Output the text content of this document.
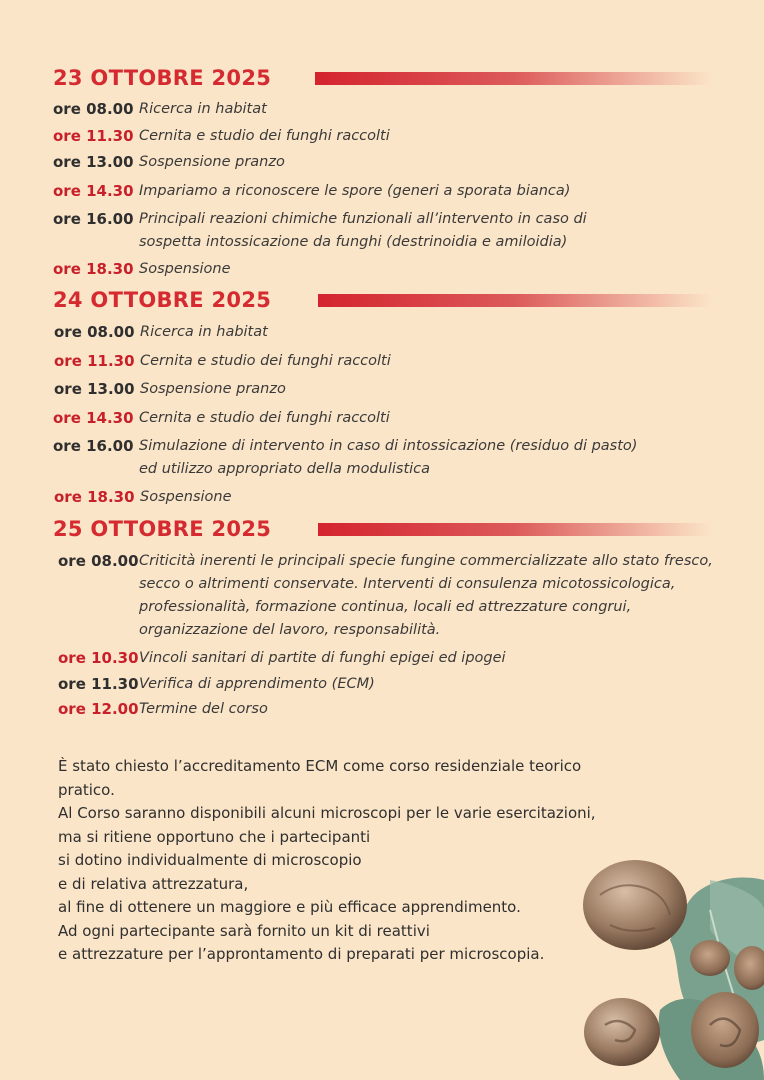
23 OTTOBRE 2025
ore 08.00 Ricerca in habitat
ore 11.30 Cernita e studio dei funghi raccolti
ore 13.00 Sospensione pranzo
ore 14.30 Impariamo a riconoscere le spore (generi a sporata bianca)
ore 16.00 Principali reazioni chimiche funzionali all’intervento in caso di
sospetta intossicazione da funghi (destrinoidia e amiloidia)
ore 18.30 Sospensione
24 OTTOBRE 2025
ore 08.00 Ricerca in habitat
ore 11.30 Cernita e studio dei funghi raccolti
ore 13.00 Sospensione pranzo
ore 14.30 Cernita e studio dei funghi raccolti
ore 16.00 Simulazione di intervento in caso di intossicazione (residuo di pasto)
ed utilizzo appropriato della modulistica
ore 18.30 Sospensione
25 OTTOBRE 2025
ore 08.00 Criticità inerenti le principali specie fungine commercializzate allo stato fresco,
secco o altrimenti conservate. Interventi di consulenza micotossicologica,
professionalità, formazione continua, locali ed attrezzature congrui,
organizzazione del lavoro, responsabilità.
ore 10.30 Vincoli sanitari di partite di funghi epigei ed ipogei
ore 11.30 Verifica di apprendimento (ECM)
ore 12.00 Termine del corso

È stato chiesto l’accreditamento ECM come corso residenziale teorico

pratico.

Al Corso saranno disponibili alcuni microscopi per le varie esercitazioni,

ma si ritiene opportuno che i partecipanti

si dotino individualmente di microscopio

e di relativa attrezzatura,

al fine di ottenere un maggiore e più efficace apprendimento.

Ad ogni partecipante sarà fornito un kit di reattivi

e attrezzature per l’approntamento di preparati per microscopia.
